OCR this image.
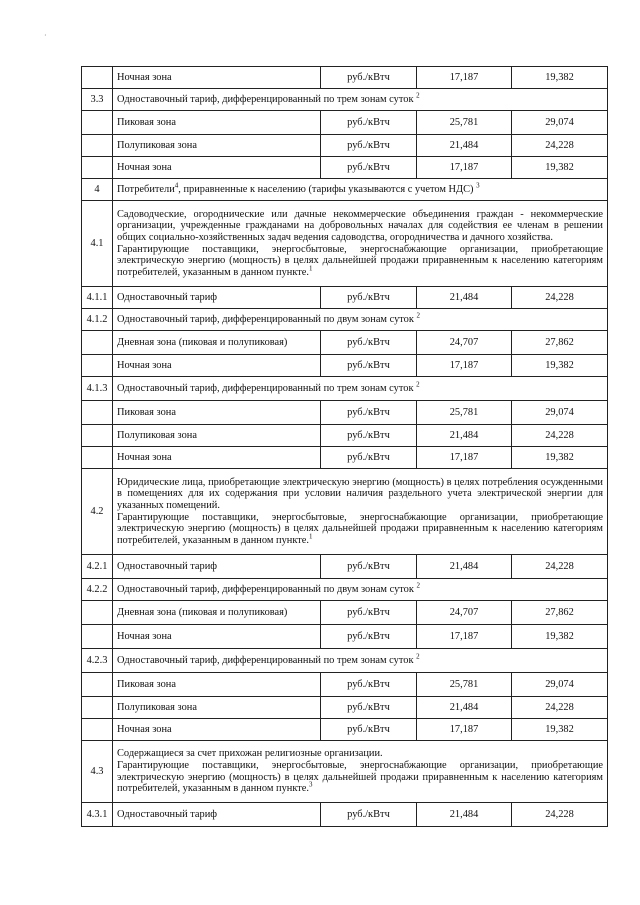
·
	Ночная зона	руб./кВтч	17,187	19,382
3.3	Одноставочный тариф, дифференцированный по трем зонам суток $^2$
	Пиковая зона	руб./кВтч	25,781	29,074
	Полупиковая зона	руб./кВтч	21,484	24,228
	Ночная зона	руб./кВтч	17,187	19,382
4	Потребители$^4$, приравненные к населению (тарифы указываются с учетом НДС) $^3$
4.1	Садоводческие, огороднические или дачные некоммерческие объединения граждан - некоммерческие организации, учрежденные гражданами на добровольных началах для содействия ее членам в решении общих социально-хозяйственных задач ведения садоводства, огородничества и дачного хозяйства.
Гарантирующие поставщики, энергосбытовые, энергоснабжающие организации, приобретающие электрическую энергию (мощность) в целях дальнейшей продажи приравненным к населению категориям потребителей, указанным в данном пункте.$^1$

4.1.1	Одноставочный тариф	руб./кВтч	21,484	24,228
4.1.2	Одноставочный тариф, дифференцированный по двум зонам суток $^2$
	Дневная зона (пиковая и полупиковая)	руб./кВтч	24,707	27,862
	Ночная зона	руб./кВтч	17,187	19,382
4.1.3	Одноставочный тариф, дифференцированный по трем зонам суток $^2$
	Пиковая зона	руб./кВтч	25,781	29,074
	Полупиковая зона	руб./кВтч	21,484	24,228
	Ночная зона	руб./кВтч	17,187	19,382
4.2	Юридические лица, приобретающие электрическую энергию (мощность) в целях потребления осужденными в помещениях для их содержания при условии наличия раздельного учета электрической энергии для указанных помещений.
Гарантирующие поставщики, энергосбытовые, энергоснабжающие организации, приобретающие электрическую энергию (мощность) в целях дальнейшей продажи приравненным к населению категориям потребителей, указанным в данном пункте.$^1$

4.2.1	Одноставочный тариф	руб./кВтч	21,484	24,228
4.2.2	Одноставочный тариф, дифференцированный по двум зонам суток $^2$
	Дневная зона (пиковая и полупиковая)	руб./кВтч	24,707	27,862
	Ночная зона	руб./кВтч	17,187	19,382
4.2.3	Одноставочный тариф, дифференцированный по трем зонам суток $^2$
	Пиковая зона	руб./кВтч	25,781	29,074
	Полупиковая зона	руб./кВтч	21,484	24,228
	Ночная зона	руб./кВтч	17,187	19,382
4.3	Содержащиеся за счет прихожан религиозные организации.
Гарантирующие поставщики, энергосбытовые, энергоснабжающие организации, приобретающие электрическую энергию (мощность) в целях дальнейшей продажи приравненным к населению категориям потребителей, указанным в данном пункте.$^3$

4.3.1	Одноставочный тариф	руб./кВтч	21,484	24,228
